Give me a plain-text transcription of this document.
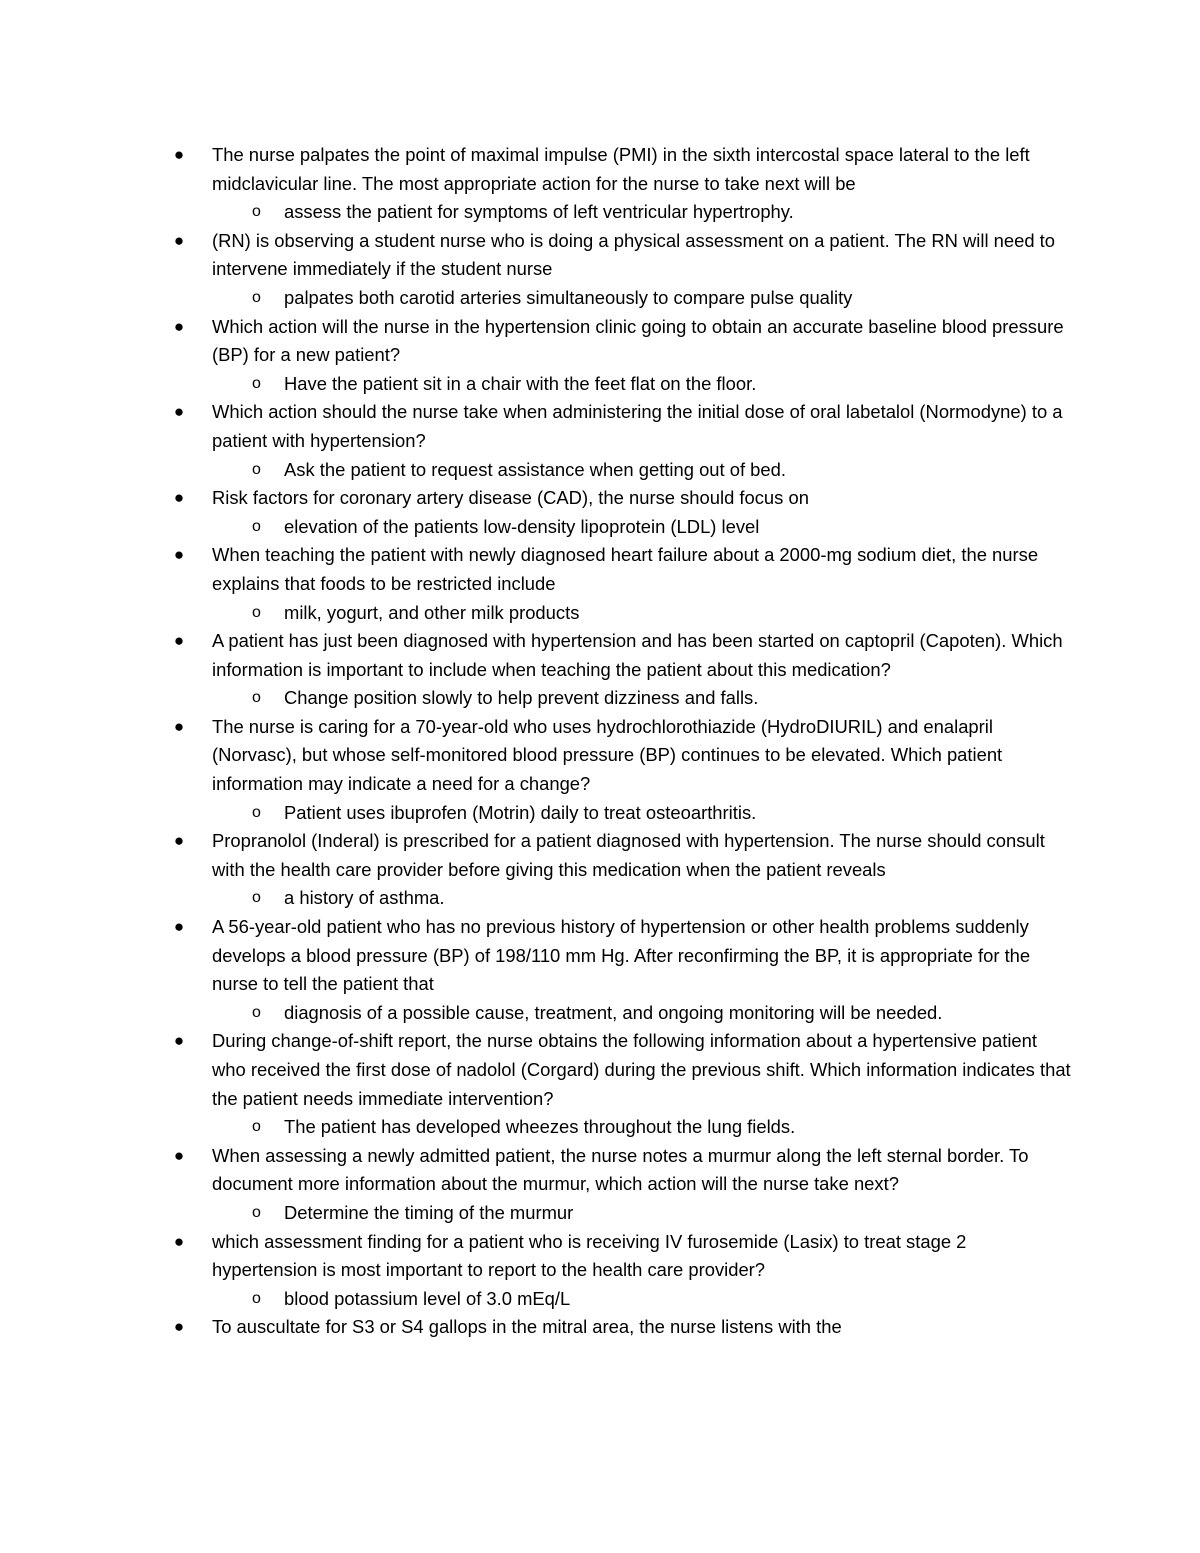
● The nurse palpates the point of maximal impulse (PMI) in the sixth intercostal space lateral to the left midclavicular line. The most appropriate action for the nurse to take next will be
o assess the patient for symptoms of left ventricular hypertrophy.
● (RN) is observing a student nurse who is doing a physical assessment on a patient. The RN will need to intervene immediately if the student nurse
o palpates both carotid arteries simultaneously to compare pulse quality
● Which action will the nurse in the hypertension clinic going to obtain an accurate baseline blood pressure (BP) for a new patient?
o Have the patient sit in a chair with the feet flat on the floor.
● Which action should the nurse take when administering the initial dose of oral labetalol (Normodyne) to a patient with hypertension?
o Ask the patient to request assistance when getting out of bed.
● Risk factors for coronary artery disease (CAD), the nurse should focus on
o elevation of the patients low-density lipoprotein (LDL) level
● When teaching the patient with newly diagnosed heart failure about a 2000-mg sodium diet, the nurse explains that foods to be restricted include
o milk, yogurt, and other milk products
● A patient has just been diagnosed with hypertension and has been started on captopril (Capoten). Which information is important to include when teaching the patient about this medication?
o Change position slowly to help prevent dizziness and falls.
● The nurse is caring for a 70-year-old who uses hydrochlorothiazide (HydroDIURIL) and enalapril (Norvasc), but whose self-monitored blood pressure (BP) continues to be elevated. Which patient information may indicate a need for a change?
o Patient uses ibuprofen (Motrin) daily to treat osteoarthritis.
● Propranolol (Inderal) is prescribed for a patient diagnosed with hypertension. The nurse should consult with the health care provider before giving this medication when the patient reveals
o a history of asthma.
● A 56-year-old patient who has no previous history of hypertension or other health problems suddenly develops a blood pressure (BP) of 198/110 mm Hg. After reconfirming the BP, it is appropriate for the nurse to tell the patient that
o diagnosis of a possible cause, treatment, and ongoing monitoring will be needed.
● During change-of-shift report, the nurse obtains the following information about a hypertensive patient who received the first dose of nadolol (Corgard) during the previous shift. Which information indicates that the patient needs immediate intervention?
o The patient has developed wheezes throughout the lung fields.
● When assessing a newly admitted patient, the nurse notes a murmur along the left sternal border. To document more information about the murmur, which action will the nurse take next?
o Determine the timing of the murmur
● which assessment finding for a patient who is receiving IV furosemide (Lasix) to treat stage 2 hypertension is most important to report to the health care provider?
o blood potassium level of 3.0 mEq/L
● To auscultate for S3 or S4 gallops in the mitral area, the nurse listens with the
